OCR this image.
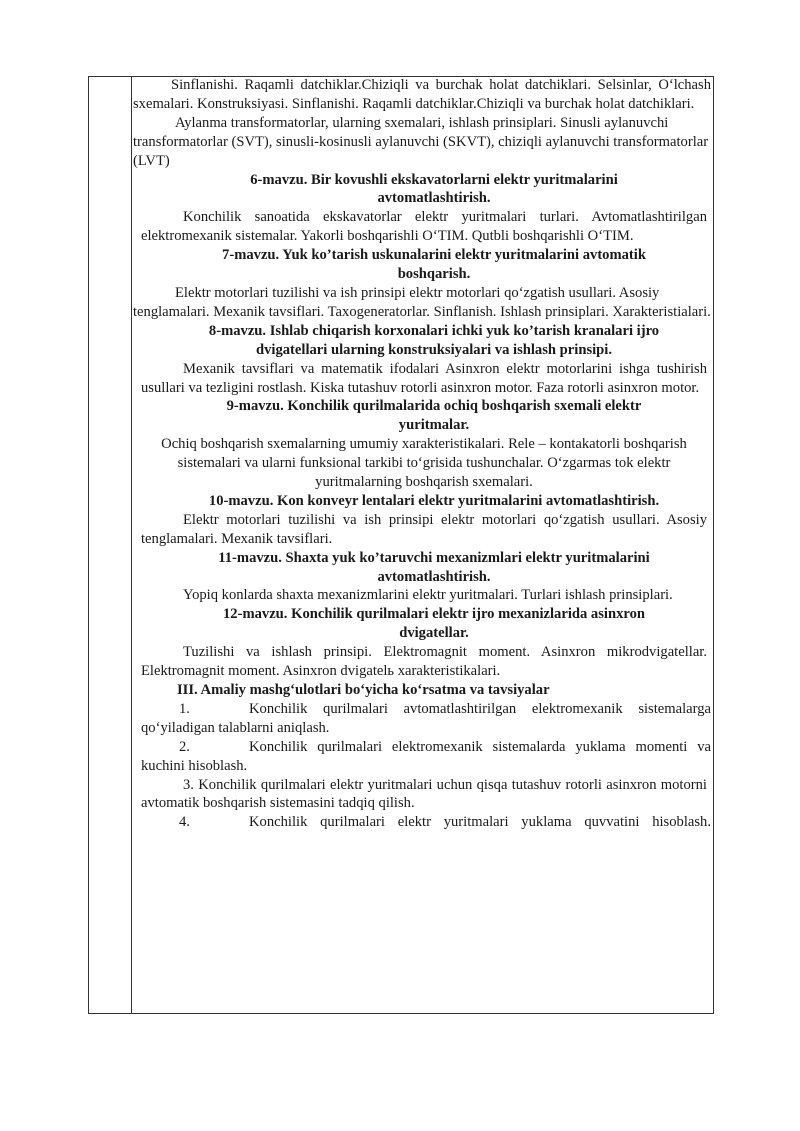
Sinflanishi. Raqamli datchiklar.Chiziqli va burchak holat datchiklari. Selsinlar, O‘lchash sxemalari. Konstruksiyasi. Sinflanishi. Raqamli datchiklar.Chiziqli va burchak holat datchiklari.

Aylanma transformatorlar, ularning sxemalari, ishlash prinsiplari. Sinusli aylanuvchi transformatorlar (SVT), sinusli-kosinusli aylanuvchi (SKVT), chiziqli aylanuvchi transformatorlar (LVT)

6-mavzu. Bir kovushli ekskavatorlarni elektr yuritmalarini avtomatlashtirish.

Konchilik sanoatida ekskavatorlar elektr yuritmalari turlari. Avtomatlashtirilgan elektromexanik sistemalar. Yakorli boshqarishli O‘TIM. Qutbli boshqarishli O‘TIM.

7-mavzu. Yuk ko’tarish uskunalarini elektr yuritmalarini avtomatik boshqarish.

Elektr motorlari tuzilishi va ish prinsipi elektr motorlari qo‘zgatish usullari. Asosiy tenglamalari. Mexanik tavsiflari. Taxogeneratorlar. Sinflanish. Ishlash prinsiplari. Xarakteristialari.

8-mavzu. Ishlab chiqarish korxonalari ichki yuk ko’tarish kranalari ijro dvigatellari ularning konstruksiyalari va ishlash prinsipi.

Mexanik tavsiflari va matematik ifodalari Asinxron elektr motorlarini ishga tushirish usullari va tezligini rostlash. Kiska tutashuv rotorli asinxron motor. Faza rotorli asinxron motor.

9-mavzu. Konchilik qurilmalarida ochiq boshqarish sxemali elektr yuritmalar.

Ochiq boshqarish sxemalarning umumiy xarakteristikalari. Rele – kontakatorli boshqarish sistemalari va ularni funksional tarkibi to‘grisida tushunchalar. O‘zgarmas tok elektr yuritmalarning boshqarish sxemalari.

10-mavzu. Kon konveyr lentalari elektr yuritmalarini avtomatlashtirish.

Elektr motorlari tuzilishi va ish prinsipi elektr motorlari qo‘zgatish usullari. Asosiy tenglamalari. Mexanik tavsiflari.

11-mavzu. Shaxta yuk ko’taruvchi mexanizmlari elektr yuritmalarini avtomatlashtirish.

Yopiq konlarda shaxta mexanizmlarini elektr yuritmalari. Turlari ishlash prinsiplari.

12-mavzu. Konchilik qurilmalari elektr ijro mexanizlarida asinxron dvigatellar.

Tuzilishi va ishlash prinsipi. Elektromagnit moment. Asinxron mikrodvigatellar. Elektromagnit moment. Asinxron dvigatelь xarakteristikalari.

III. Amaliy mashg‘ulotlari bo‘yicha ko‘rsatma va tavsiyalar

1.	Konchilik qurilmalari avtomatlashtirilgan elektromexanik sistemalarga

qo‘yiladigan talablarni aniqlash.

2.	Konchilik qurilmalari elektromexanik sistemalarda yuklama momenti va

kuchini hisoblash.

3. Konchilik qurilmalari elektr yuritmalari uchun qisqa tutashuv rotorli asinxron motorni avtomatik boshqarish sistemasini tadqiq qilish.

4.	Konchilik qurilmalari elektr yuritmalari yuklama quvvatini hisoblash.
